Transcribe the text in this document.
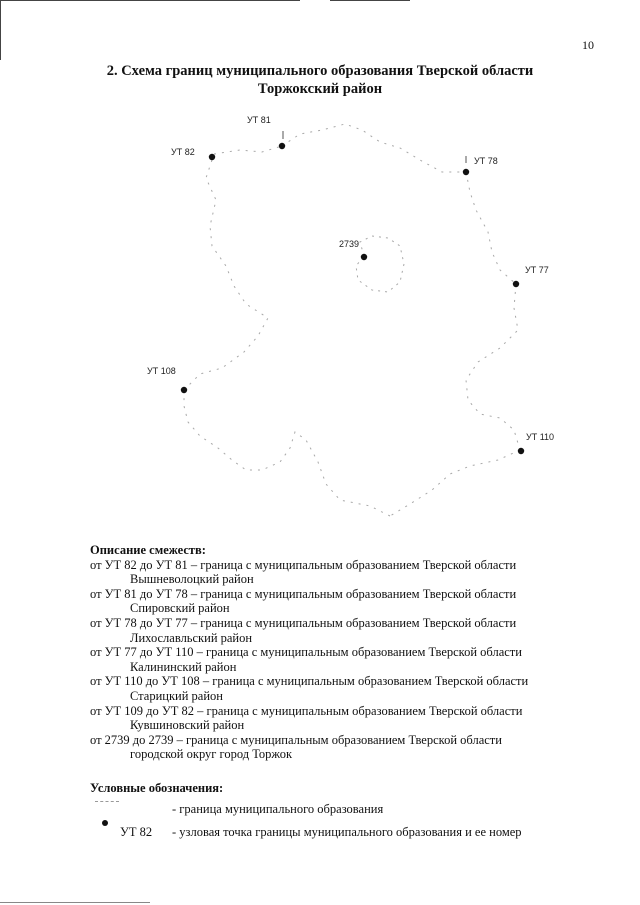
10
2. Схема границ муниципального образования Тверской области
Торжокский район
УТ 81
УТ 82
УТ 78
2739
УТ 77
УТ 108
УТ 110
Описание смежеств:
от УТ 82 до УТ 81 – граница с муниципальным образованием Тверской области
Вышневолоцкий район
от УТ 81 до УТ 78 – граница с муниципальным образованием Тверской области
Спировский район
от УТ 78 до УТ 77 – граница с муниципальным образованием Тверской области
Лихославльский район
от УТ 77 до УТ 110 – граница с муниципальным образованием Тверской области
Калининский район
от УТ 110 до УТ 108 – граница с муниципальным образованием Тверской области
Старицкий район
от УТ 109 до УТ 82 – граница с муниципальным образованием Тверской области
Кувшиновский район
от 2739 до 2739 – граница с муниципальным образованием Тверской области
городской округ город Торжок
Условные обозначения:
- граница муниципального образования
УТ 82 - узловая точка границы муниципального образования и ее номер
